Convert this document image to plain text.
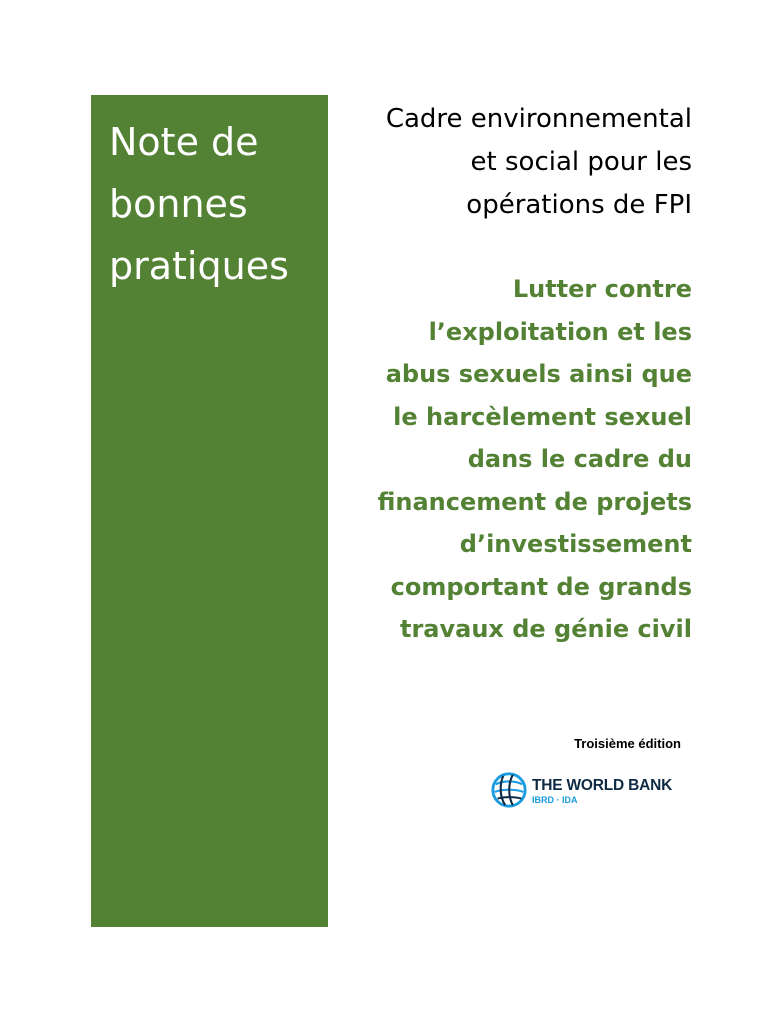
Note de
bonnes
pratiques
Cadre environnemental
et social pour les
opérations de FPI
Lutter contre
l’exploitation et les
abus sexuels ainsi que
le harcèlement sexuel
dans le cadre du
financement de projets
d’investissement
comportant de grands
travaux de génie civil
Troisième édition
THE WORLD BANK
IBRD · IDA
